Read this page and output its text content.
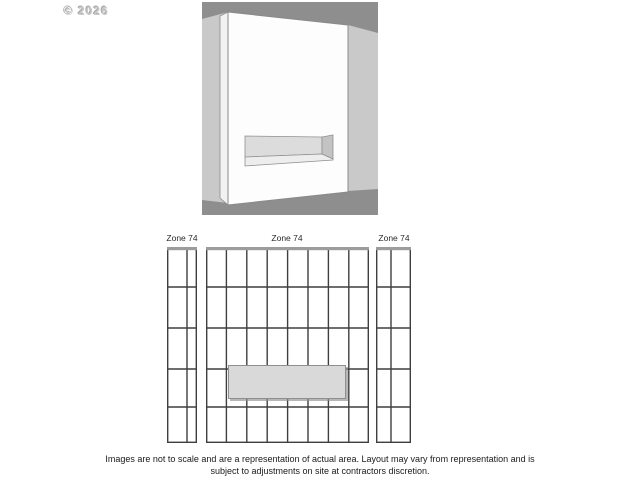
© 2026
Zone 74	Zone 74	Zone 74
Images are not to scale and are a representation of actual area. Layout may vary from representation and is
subject to adjustments on site at contractors discretion.
